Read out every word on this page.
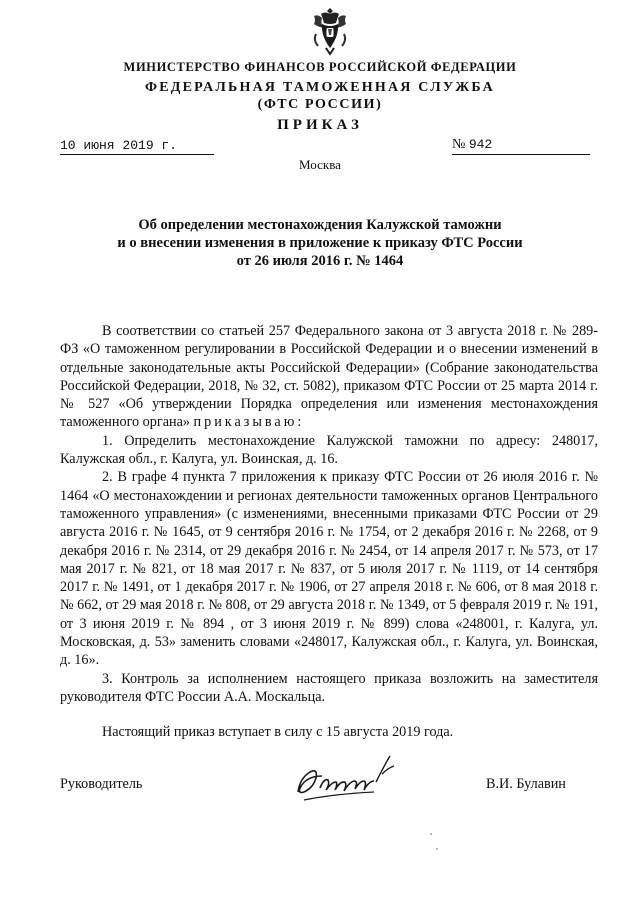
МИНИСТЕРСТВО ФИНАНСОВ РОССИЙСКОЙ ФЕДЕРАЦИИ
ФЕДЕРАЛЬНАЯ ТАМОЖЕННАЯ СЛУЖБА
(ФТС РОССИИ)
ПРИКАЗ
10 июня 2019 г.	№ 942
Москва
Об определении местонахождения Калужской таможни
и о внесении изменения в приложение к приказу ФТС России
от 26 июля 2016 г. № 1464

В соответствии со статьей 257 Федерального закона от 3 августа 2018 г. № 289-ФЗ «О таможенном регулировании в Российской Федерации и о внесении изменений в отдельные законодательные акты Российской Федерации» (Собрание законодательства Российской Федерации, 2018, № 32, ст. 5082), приказом ФТС России от 25 марта 2014 г. № 527 «Об утверждении Порядка определения или изменения местонахождения таможенного органа» приказываю:

1. Определить местонахождение Калужской таможни по адресу: 248017, Калужская обл., г. Калуга, ул. Воинская, д. 16.

2. В графе 4 пункта 7 приложения к приказу ФТС России от 26 июля 2016 г. № 1464 «О местонахождении и регионах деятельности таможенных органов Центрального таможенного управления» (с изменениями, внесенными приказами ФТС России от 29 августа 2016 г. № 1645, от 9 сентября 2016 г. № 1754, от 2 декабря 2016 г. № 2268, от 9 декабря 2016 г. № 2314, от 29 декабря 2016 г. № 2454, от 14 апреля 2017 г. № 573, от 17 мая 2017 г. № 821, от 18 мая 2017 г. № 837, от 5 июля 2017 г. № 1119, от 14 сентября 2017 г. № 1491, от 1 декабря 2017 г. № 1906, от 27 апреля 2018 г. № 606, от 8 мая 2018 г. № 662, от 29 мая 2018 г. № 808, от 29 августа 2018 г. № 1349, от 5 февраля 2019 г. № 191, от 3 июня 2019 г. № 894 , от 3 июня 2019 г. № 899) слова «248001, г. Калуга, ул. Московская, д. 53» заменить словами «248017, Калужская обл., г. Калуга, ул. Воинская, д. 16».

3. Контроль за исполнением настоящего приказа возложить на заместителя руководителя ФТС России А.А. Москальца.

Настоящий приказ вступает в силу с 15 августа 2019 года.

Руководитель	В.И. Булавин
